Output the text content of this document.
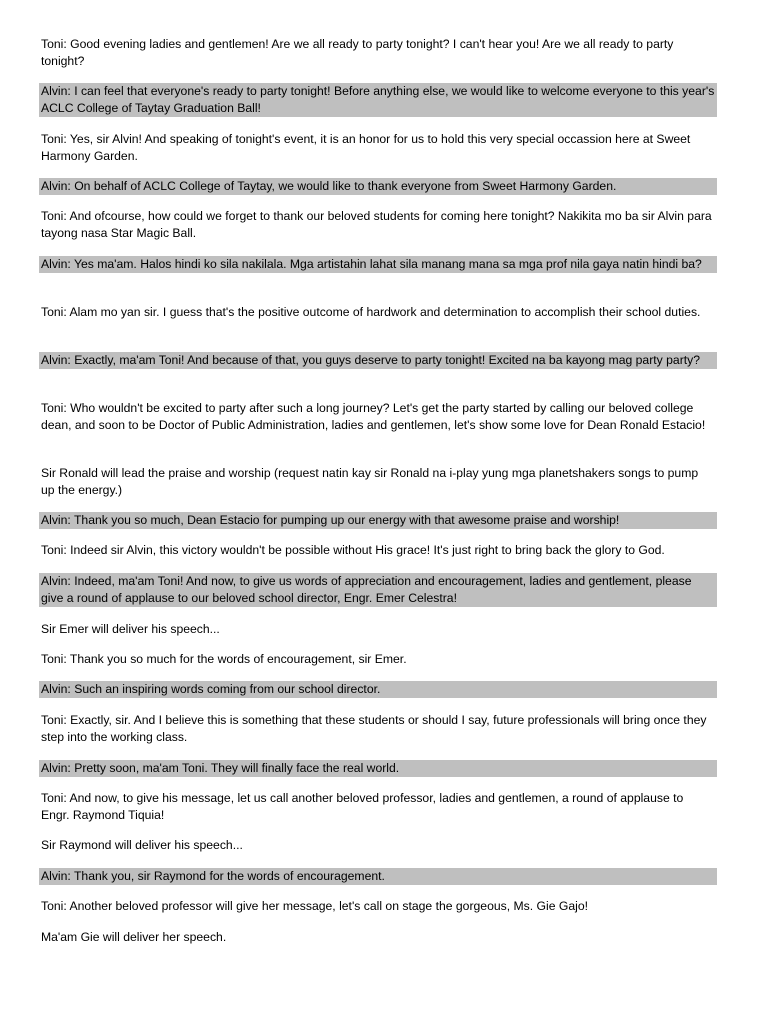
Toni: Good evening ladies and gentlemen! Are we all ready to party tonight? I can't hear you! Are we all ready to party tonight?
Alvin: I can feel that everyone's ready to party tonight! Before anything else, we would like to welcome everyone to this year's ACLC College of Taytay Graduation Ball!
Toni: Yes, sir Alvin! And speaking of tonight's event, it is an honor for us to hold this very special occassion here at Sweet Harmony Garden.
Alvin: On behalf of ACLC College of Taytay, we would like to thank everyone from Sweet Harmony Garden.
Toni: And ofcourse, how could we forget to thank our beloved students for coming here tonight? Nakikita mo ba sir Alvin para tayong nasa Star Magic Ball.
Alvin: Yes ma'am. Halos hindi ko sila nakilala. Mga artistahin lahat sila manang mana sa mga prof nila gaya natin hindi ba?
Toni: Alam mo yan sir. I guess that's the positive outcome of hardwork and determination to accomplish their school duties.
Alvin: Exactly, ma'am Toni! And because of that, you guys deserve to party tonight! Excited na ba kayong mag party party?
Toni: Who wouldn't be excited to party after such a long journey? Let's get the party started by calling our beloved college dean, and soon to be Doctor of Public Administration, ladies and gentlemen, let's show some love for Dean Ronald Estacio!
Sir Ronald will lead the praise and worship (request natin kay sir Ronald na i-play yung mga planetshakers songs to pump up the energy.)
Alvin: Thank you so much, Dean Estacio for pumping up our energy with that awesome praise and worship!
Toni: Indeed sir Alvin, this victory wouldn't be possible without His grace! It's just right to bring back the glory to God.
Alvin: Indeed, ma'am Toni! And now, to give us words of appreciation and encouragement, ladies and gentlement, please give a round of applause to our beloved school director, Engr. Emer Celestra!
Sir Emer will deliver his speech...
Toni: Thank you so much for the words of encouragement, sir Emer.
Alvin: Such an inspiring words coming from our school director.
Toni: Exactly, sir. And I believe this is something that these students or should I say, future professionals will bring once they step into the working class.
Alvin: Pretty soon, ma'am Toni. They will finally face the real world.
Toni: And now, to give his message, let us call another beloved professor, ladies and gentlemen, a round of applause to Engr. Raymond Tiquia!
Sir Raymond will deliver his speech...
Alvin: Thank you, sir Raymond for the words of encouragement.
Toni: Another beloved professor will give her message, let's call on stage the gorgeous, Ms. Gie Gajo!
Ma'am Gie will deliver her speech.
